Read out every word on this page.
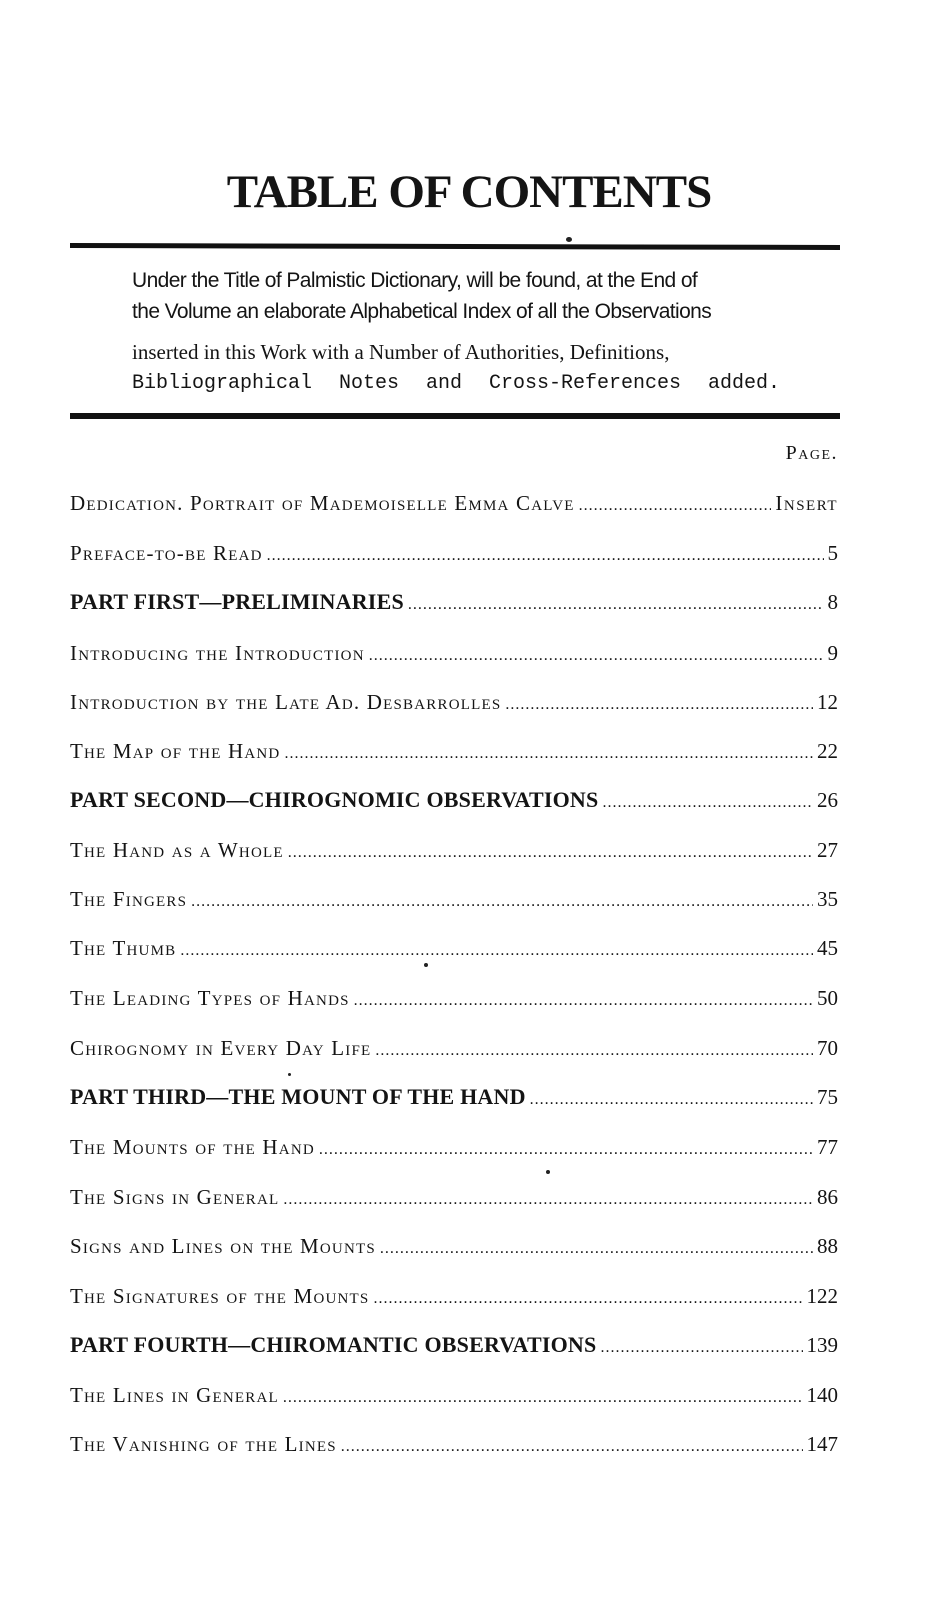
TABLE OF CONTENTS
Under the Title of Palmistic Dictionary, will be found, at the End of
the Volume an elaborate Alphabetical Index of all the Observations
inserted in this Work with a Number of Authorities, Definitions,
Bibliographical Notes and Cross-References added.
Page.
Dedication. Portrait of Mademoiselle Emma Calve .....	Insert
Preface-to-be Read .....	5
PART FIRST—PRELIMINARIES .....	8
Introducing the Introduction .....	9
Introduction by the Late Ad. Desbarrolles .....	12
The Map of the Hand .....	22
PART SECOND—CHIROGNOMIC OBSERVATIONS .....	26
The Hand as a Whole .....	27
The Fingers .....	35
The Thumb .....	45
The Leading Types of Hands .....	50
Chirognomy in Every Day Life .....	70
PART THIRD—THE MOUNT OF THE HAND .....	75
The Mounts of the Hand .....	77
The Signs in General .....	86
Signs and Lines on the Mounts .....	88
The Signatures of the Mounts .....	122
PART FOURTH—CHIROMANTIC OBSERVATIONS .....	139
The Lines in General .....	140
The Vanishing of the Lines .....	147
